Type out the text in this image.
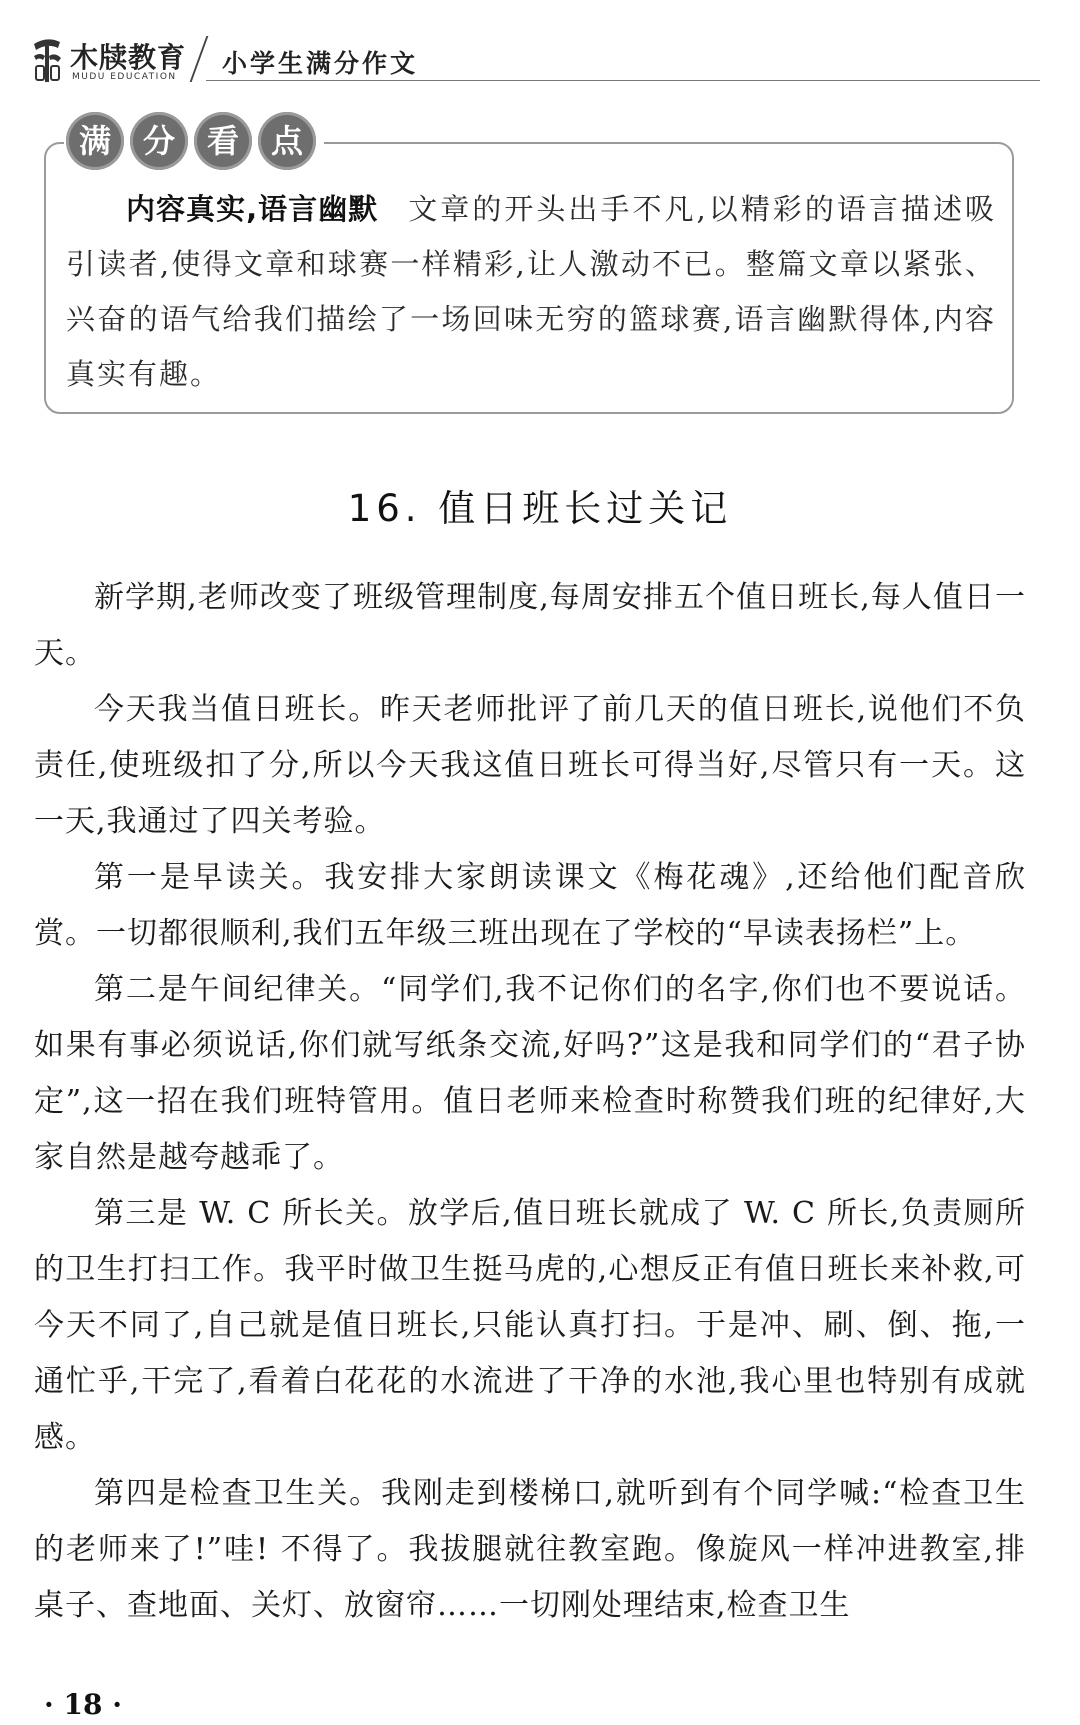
木牍教育
MUDU EDUCATION 小学生满分作文
满 分 看 点
内容真实,语言幽默 文章的开头出手不凡,以精彩的语言描述吸引读者,使得文章和球赛一样精彩,让人激动不已。整篇文章以紧张、兴奋的语气给我们描绘了一场回味无穷的篮球赛,语言幽默得体,内容真实有趣。
16. 值日班长过关记

新学期,老师改变了班级管理制度,每周安排五个值日班长,每人值日一天。

今天我当值日班长。昨天老师批评了前几天的值日班长,说他们不负责任,使班级扣了分,所以今天我这值日班长可得当好,尽管只有一天。这一天,我通过了四关考验。

第一是早读关。我安排大家朗读课文《梅花魂》,还给他们配音欣赏。一切都很顺利,我们五年级三班出现在了学校的“早读表扬栏”上。

第二是午间纪律关。“同学们,我不记你们的名字,你们也不要说话。如果有事必须说话,你们就写纸条交流,好吗?”这是我和同学们的“君子协定”,这一招在我们班特管用。值日老师来检查时称赞我们班的纪律好,大家自然是越夸越乖了。

第三是 W. C 所长关。放学后,值日班长就成了 W. C 所长,负责厕所的卫生打扫工作。我平时做卫生挺马虎的,心想反正有值日班长来补救,可今天不同了,自己就是值日班长,只能认真打扫。于是冲、刷、倒、拖,一通忙乎,干完了,看着白花花的水流进了干净的水池,我心里也特别有成就感。

第四是检查卫生关。我刚走到楼梯口,就听到有个同学喊:“检查卫生的老师来了!”哇! 不得了。我拔腿就往教室跑。像旋风一样冲进教室,排桌子、查地面、关灯、放窗帘……一切刚处理结束,检查卫生

· 18 ·
